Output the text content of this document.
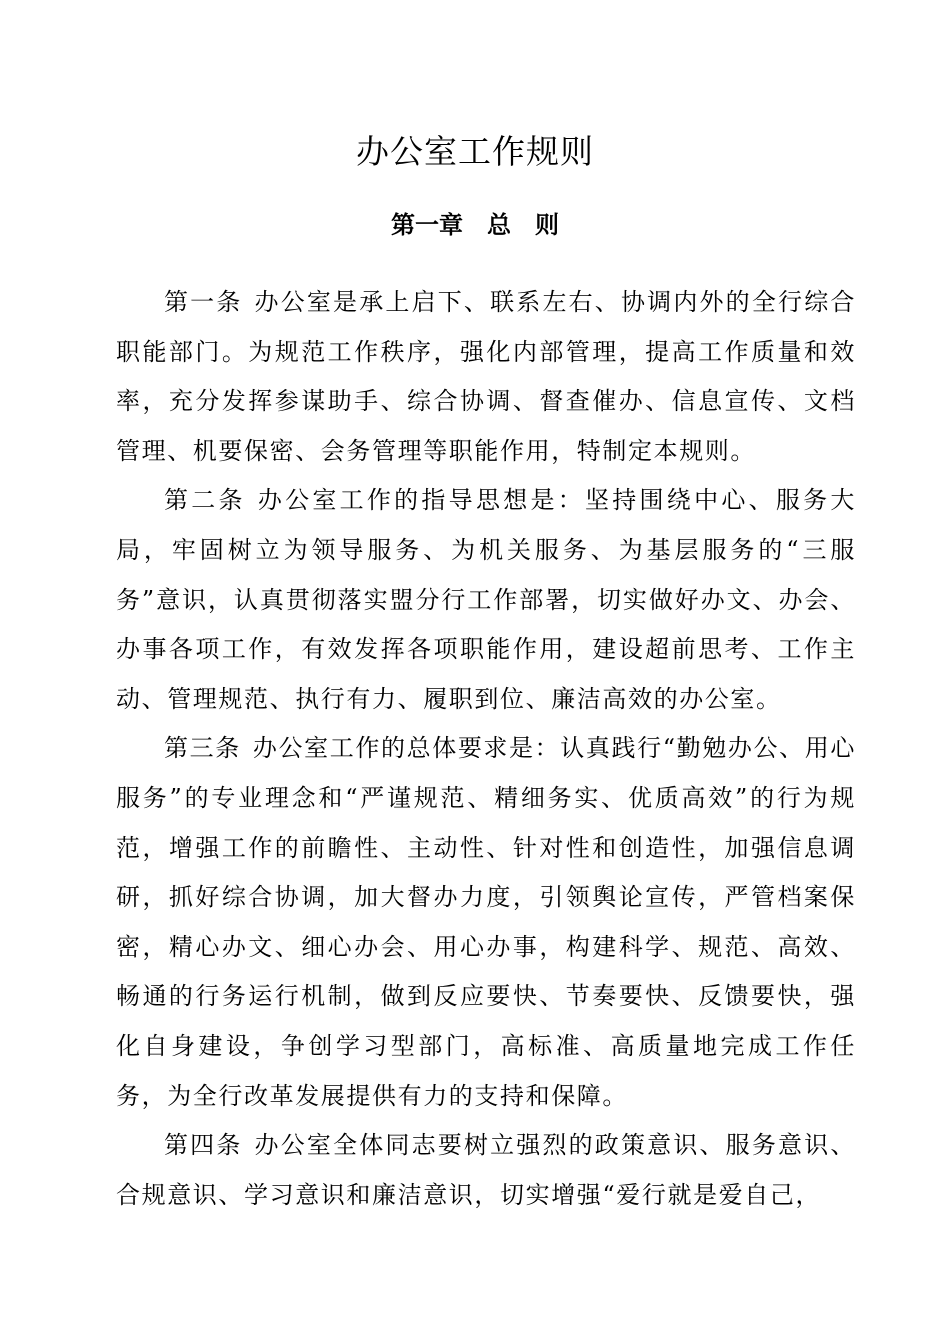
办公室工作规则
第一章　总　则

第一条 办公室是承上启下、联系左右、协调内外的全行综合职能部门。为规范工作秩序，强化内部管理，提高工作质量和效率，充分发挥参谋助手、综合协调、督查催办、信息宣传、文档管理、机要保密、会务管理等职能作用，特制定本规则。

第二条 办公室工作的指导思想是：坚持围绕中心、服务大局，牢固树立为领导服务、为机关服务、为基层服务的“三服务”意识，认真贯彻落实盟分行工作部署，切实做好办文、办会、办事各项工作，有效发挥各项职能作用，建设超前思考、工作主动、管理规范、执行有力、履职到位、廉洁高效的办公室。

第三条 办公室工作的总体要求是：认真践行“勤勉办公、用心服务”的专业理念和“严谨规范、精细务实、优质高效”的行为规范，增强工作的前瞻性、主动性、针对性和创造性，加强信息调研，抓好综合协调，加大督办力度，引领舆论宣传，严管档案保密，精心办文、细心办会、用心办事，构建科学、规范、高效、畅通的行务运行机制，做到反应要快、节奏要快、反馈要快，强化自身建设，争创学习型部门，高标准、高质量地完成工作任务，为全行改革发展提供有力的支持和保障。

第四条 办公室全体同志要树立强烈的政策意识、服务意识、合规意识、学习意识和廉洁意识，切实增强“爱行就是爱自己，
